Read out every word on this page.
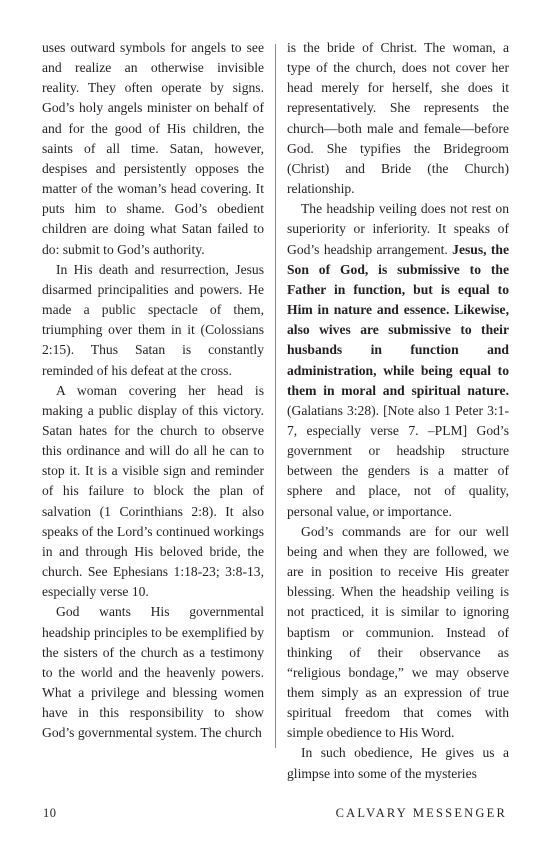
uses outward symbols for angels to see and realize an otherwise invisible reality. They often operate by signs. God’s holy angels minister on behalf of and for the good of His children, the saints of all time. Satan, however, despises and persistently opposes the matter of the woman’s head covering. It puts him to shame. God’s obedient children are doing what Satan failed to do: submit to God’s authority.

In His death and resurrection, Jesus disarmed principalities and powers. He made a public spectacle of them, triumphing over them in it (Colossians 2:15). Thus Satan is constantly reminded of his defeat at the cross.

A woman covering her head is making a public display of this victory. Satan hates for the church to observe this ordinance and will do all he can to stop it. It is a visible sign and reminder of his failure to block the plan of salvation (1 Corinthians 2:8). It also speaks of the Lord’s continued workings in and through His beloved bride, the church. See Ephesians 1:18-23; 3:8-13, especially verse 10.

God wants His governmental headship principles to be exemplified by the sisters of the church as a testimony to the world and the heavenly powers. What a privilege and blessing women have in this responsibility to show God’s governmental system. The church

is the bride of Christ. The woman, a type of the church, does not cover her head merely for herself, she does it representatively. She represents the church—both male and female—before God. She typifies the Bridegroom (Christ) and Bride (the Church) relationship.

The headship veiling does not rest on superiority or inferiority. It speaks of God’s headship arrangement. Jesus, the Son of God, is submissive to the Father in function, but is equal to Him in nature and essence. Likewise, also wives are submissive to their husbands in function and administration, while being equal to them in moral and spiritual nature. (Galatians 3:28). [Note also 1 Peter 3:1-7, especially verse 7. –PLM] God’s government or headship structure between the genders is a matter of sphere and place, not of quality, personal value, or importance.

God’s commands are for our well being and when they are followed, we are in position to receive His greater blessing. When the headship veiling is not practiced, it is similar to ignoring baptism or communion. Instead of thinking of their observance as “religious bondage,” we may observe them simply as an expression of true spiritual freedom that comes with simple obedience to His Word.

In such obedience, He gives us a glimpse into some of the mysteries

10	CALVARY MESSENGER
